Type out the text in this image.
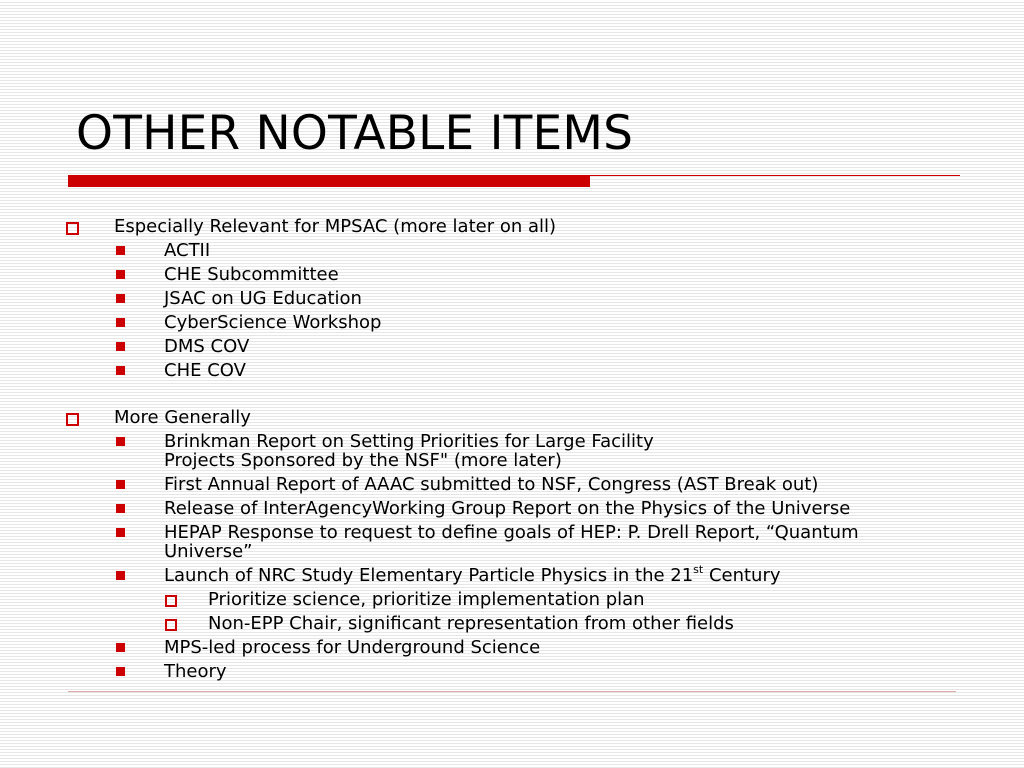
OTHER NOTABLE ITEMS
Especially Relevant for MPSAC (more later on all)
ACTII
CHE Subcommittee
JSAC on UG Education
CyberScience Workshop
DMS COV
CHE COV
More Generally
Brinkman Report on Setting Priorities for Large Facility
Projects Sponsored by the NSF" (more later)
First Annual Report of AAAC submitted to NSF, Congress (AST Break out)
Release of InterAgencyWorking Group Report on the Physics of the Universe
HEPAP Response to request to define goals of HEP: P. Drell Report, “Quantum
Universe”
Launch of NRC Study Elementary Particle Physics in the 21st Century
Prioritize science, prioritize implementation plan
Non-EPP Chair, significant representation from other fields
MPS-led process for Underground Science
Theory
